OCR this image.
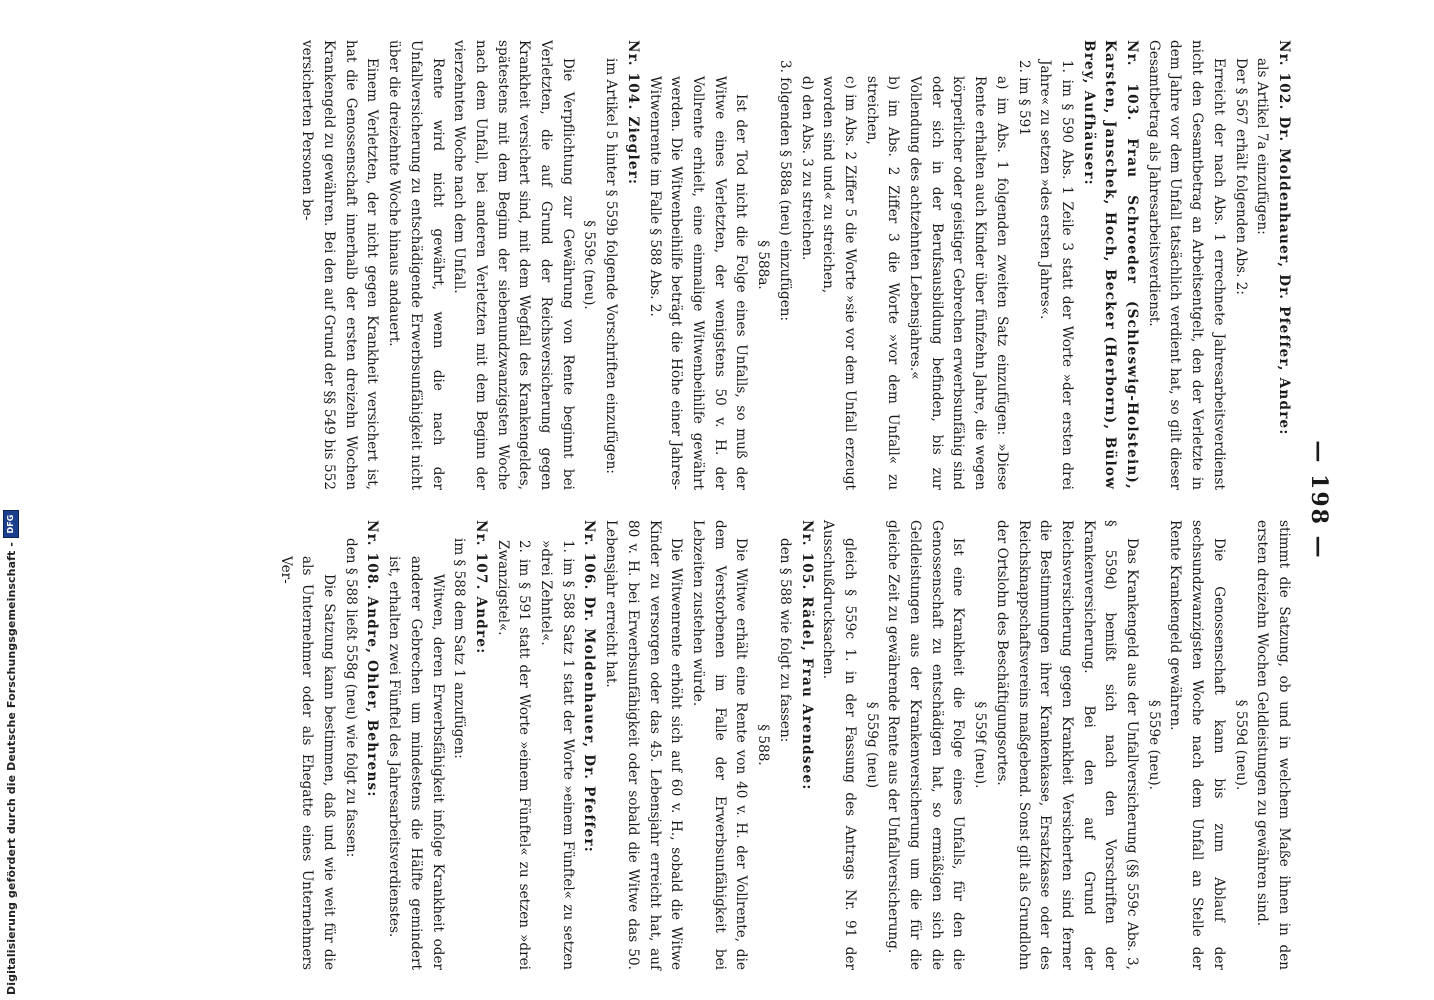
Digitalisierung gefördert durch die Deutsche Forschungsgemeinschaft -
DFG	— 198 —

Nr. 102. Dr. Moldenhauer, Dr. Pfeffer, Andre:

als Artikel 7a einzufügen:

Der § 567 erhält folgenden Abs. 2:

Erreicht der nach Abs. 1 errechnete Jahresarbeitsverdienst nicht den Gesamtbetrag an Arbeitsentgelt, den der Verletzte in dem Jahre vor dem Unfall tatsächlich verdient hat, so gilt dieser Gesamtbetrag als Jahresarbeitsverdienst.

Nr. 103. Frau Schroeder (Schleswig-Holstein), Karsten, Janschek, Hoch, Becker (Herborn), Bülow Brey, Aufhäuser:

1. im § 590 Abs. 1 Zeile 3 statt der Worte »der ersten drei Jahre« zu setzen »des ersten Jahres«.

2. im § 591

a) im Abs. 1 folgenden zweiten Satz einzufügen: »Diese Rente erhalten auch Kinder über fünfzehn Jahre, die wegen körperlicher oder geistiger Gebrechen erwerbsunfähig sind oder sich in der Berufsausbildung befinden, bis zur Vollendung des achtzehnten Lebensjahres.«

b) im Abs. 2 Ziffer 3 die Worte »vor dem Unfall« zu streichen,

c) im Abs. 2 Ziffer 5 die Worte »sie vor dem Unfall erzeugt worden sind und« zu streichen,

d) den Abs. 3 zu streichen.

3. folgenden § 588a (neu) einzufügen:

§ 588a.

Ist der Tod nicht die Folge eines Unfalls, so muß der Witwe eines Verletzten, der wenigstens 50 v. H. der Vollrente erhielt, eine einmalige Witwenbeihilfe gewährt werden. Die Witwenbeihilfe beträgt die Höhe einer Jahres-Witwenrente im Falle § 588 Abs. 2.

Nr. 104. Ziegler:

im Artikel 5 hinter § 559b folgende Vorschriften einzufügen:

§ 559c (neu).

Die Verpflichtung zur Gewährung von Rente beginnt bei Verletzten, die auf Grund der Reichsversicherung gegen Krankheit versichert sind, mit dem Wegfall des Krankengeldes, spätestens mit dem Beginn der siebenundzwanzigsten Woche nach dem Unfall, bei anderen Verletzten mit dem Beginn der vierzehnten Woche nach dem Unfall.

Rente wird nicht gewährt, wenn die nach der Unfallversicherung zu entschädigende Erwerbsunfähigkeit nicht über die dreizehnte Woche hinaus andauert.

Einem Verletzten, der nicht gegen Krankheit versichert ist, hat die Genossenschaft innerhalb der ersten dreizehn Wochen Krankengeld zu gewähren. Bei den auf Grund der §§ 549 bis 552 versicherten Personen be-

stimmt die Satzung, ob und in welchem Maße ihnen in den ersten dreizehn Wochen Geldleistungen zu gewähren sind.

§ 559d (neu).

Die Genossenschaft kann bis zum Ablauf der sechsundzwanzigsten Woche nach dem Unfall an Stelle der Rente Krankengeld gewähren.

§ 559e (neu).

Das Krankengeld aus der Unfallversicherung (§§ 559c Abs. 3, § 559d) bemißt sich nach den Vorschriften der Krankenversicherung. Bei den auf Grund der Reichsversicherung gegen Krankheit Versicherten sind ferner die Bestimmungen ihrer Krankenkasse, Ersatzkasse oder des Reichsknappschaftsvereins maßgebend. Sonst gilt als Grundlohn der Ortslohn des Beschäftigungsortes.

§ 559f (neu).

Ist eine Krankheit die Folge eines Unfalls, für den die Genossenschaft zu entschädigen hat, so ermäßigen sich die Geldleistungen aus der Krankenversicherung um die für die gleiche Zeit zu gewährende Rente aus der Unfallversicherung.

§ 559g (neu)

gleich § 559c 1. in der Fassung des Antrags Nr. 91 der Ausschußdrucksachen.

Nr. 105. Rädel, Frau Arendsee:

den § 588 wie folgt zu fassen:

§ 588.

Die Witwe erhält eine Rente von 40 v. H. der Vollrente, die dem Verstorbenen im Falle der Erwerbsunfähigkeit bei Lebzeiten zustehen würde.

Die Witwenrente erhöht sich auf 60 v. H., sobald die Witwe Kinder zu versorgen oder das 45. Lebensjahr erreicht hat, auf 80 v. H. bei Erwerbsunfähigkeit oder sobald die Witwe das 50. Lebensjahr erreicht hat.

Nr. 106. Dr. Moldenhauer, Dr. Pfeffer:

1. im § 588 Satz 1 statt der Worte »einem Fünftel« zu setzen »drei Zehntel«.

2. im § 591 statt der Worte »einem Fünftel« zu setzen »drei Zwanzigstel«.

Nr. 107. Andre:

im § 588 dem Satz 1 anzufügen:

Witwen, deren Erwerbsfähigkeit infolge Krankheit oder anderer Gebrechen um mindestens die Hälfte gemindert ist, erhalten zwei Fünftel des Jahresarbeitsverdienstes.

Nr. 108. Andre, Ohler, Behrens:

den § 588 ließt 558g (neu) wie folgt zu fassen:

Die Satzung kann bestimmen, daß und wie weit für die als Unternehmer oder als Ehegatte eines Unternehmers Ver-
